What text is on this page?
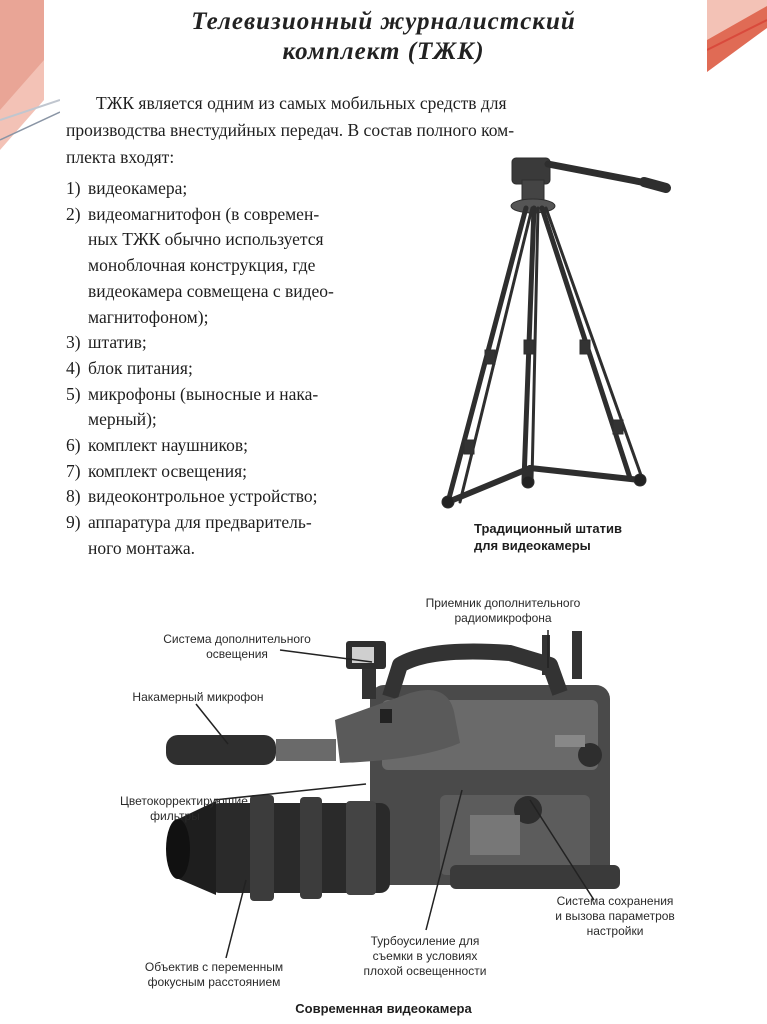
Телевизионный журналистский
комплект (ТЖК)
ТЖК является одним из самых мобильных средств для
производства внестудийных передач. В состав полного ком-
плекта входят:
1) видеокамера;
2) видеомагнитофон (в современ-
ных ТЖК обычно используется
моноблочная конструкция, где
видеокамера совмещена с видео-
магнитофоном);
3) штатив;
4) блок питания;
5) микрофоны (выносные и нака-
мерный);
6) комплект наушников;
7) комплект освещения;
8) видеоконтрольное устройство;
9) аппаратура для предваритель-
ного монтажа.
Традиционный штатив
для видеокамеры
Приемник дополнительного
радиомикрофона
Система дополнительного
освещения
Накамерный микрофон
Цветокорректирующие
фильтры
Система сохранения
и вызова параметров
настройки
Турбоусиление для
съемки в условиях
плохой освещенности
Объектив с переменным
фокусным расстоянием
Современная видеокамера
